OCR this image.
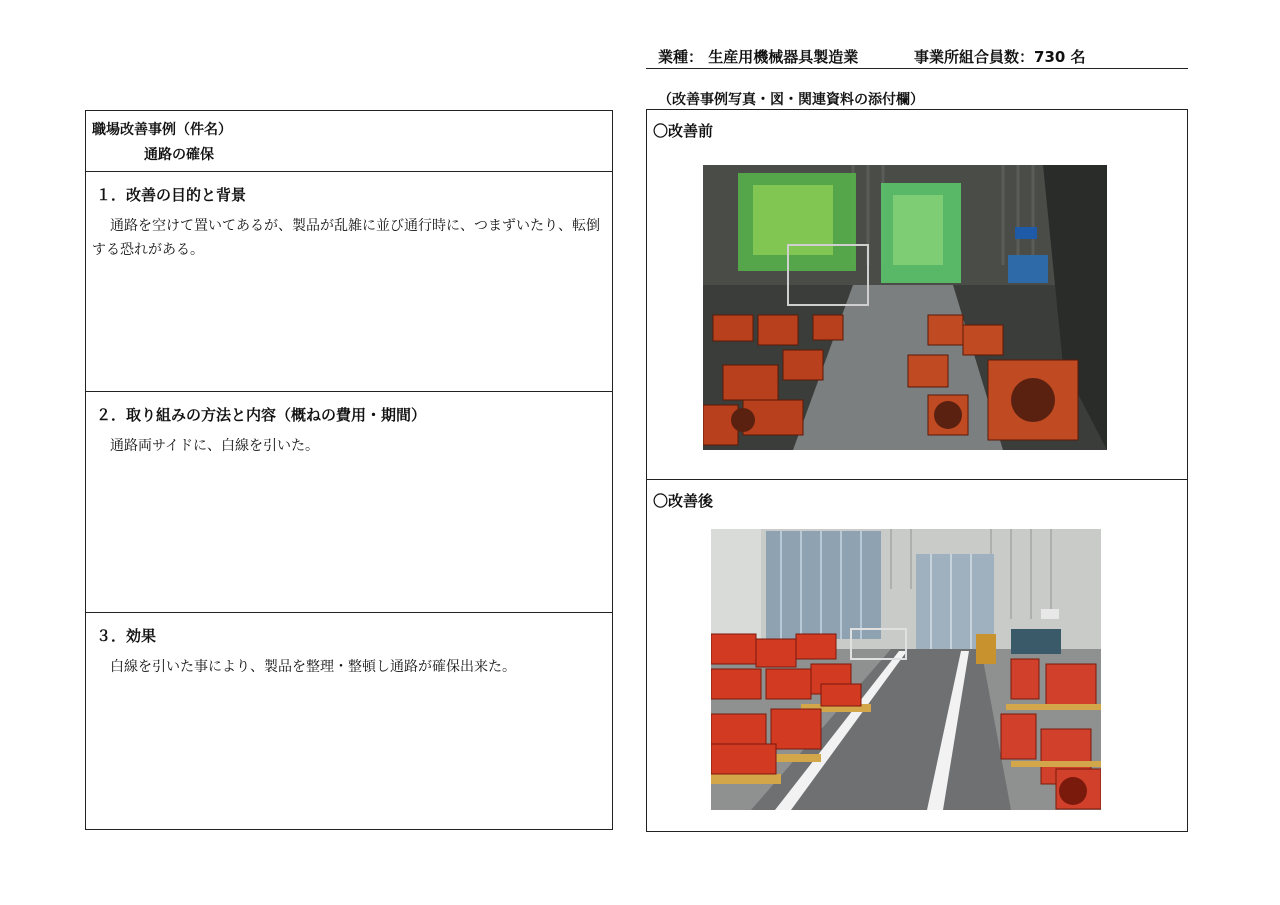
業種： 生産用機械器具製造業	事業所組合員数：730 名
（改善事例写真・図・関連資料の添付欄）
職場改善事例（件名）
通路の確保
１．改善の目的と背景
通路を空けて置いてあるが、製品が乱雑に並び通行時に、つまずいたり、転倒する恐れがある。
２．取り組みの方法と内容（概ねの費用・期間）
通路両サイドに、白線を引いた。
３．効果
白線を引いた事により、製品を整理・整頓し通路が確保出来た。
〇改善前
〇改善後
